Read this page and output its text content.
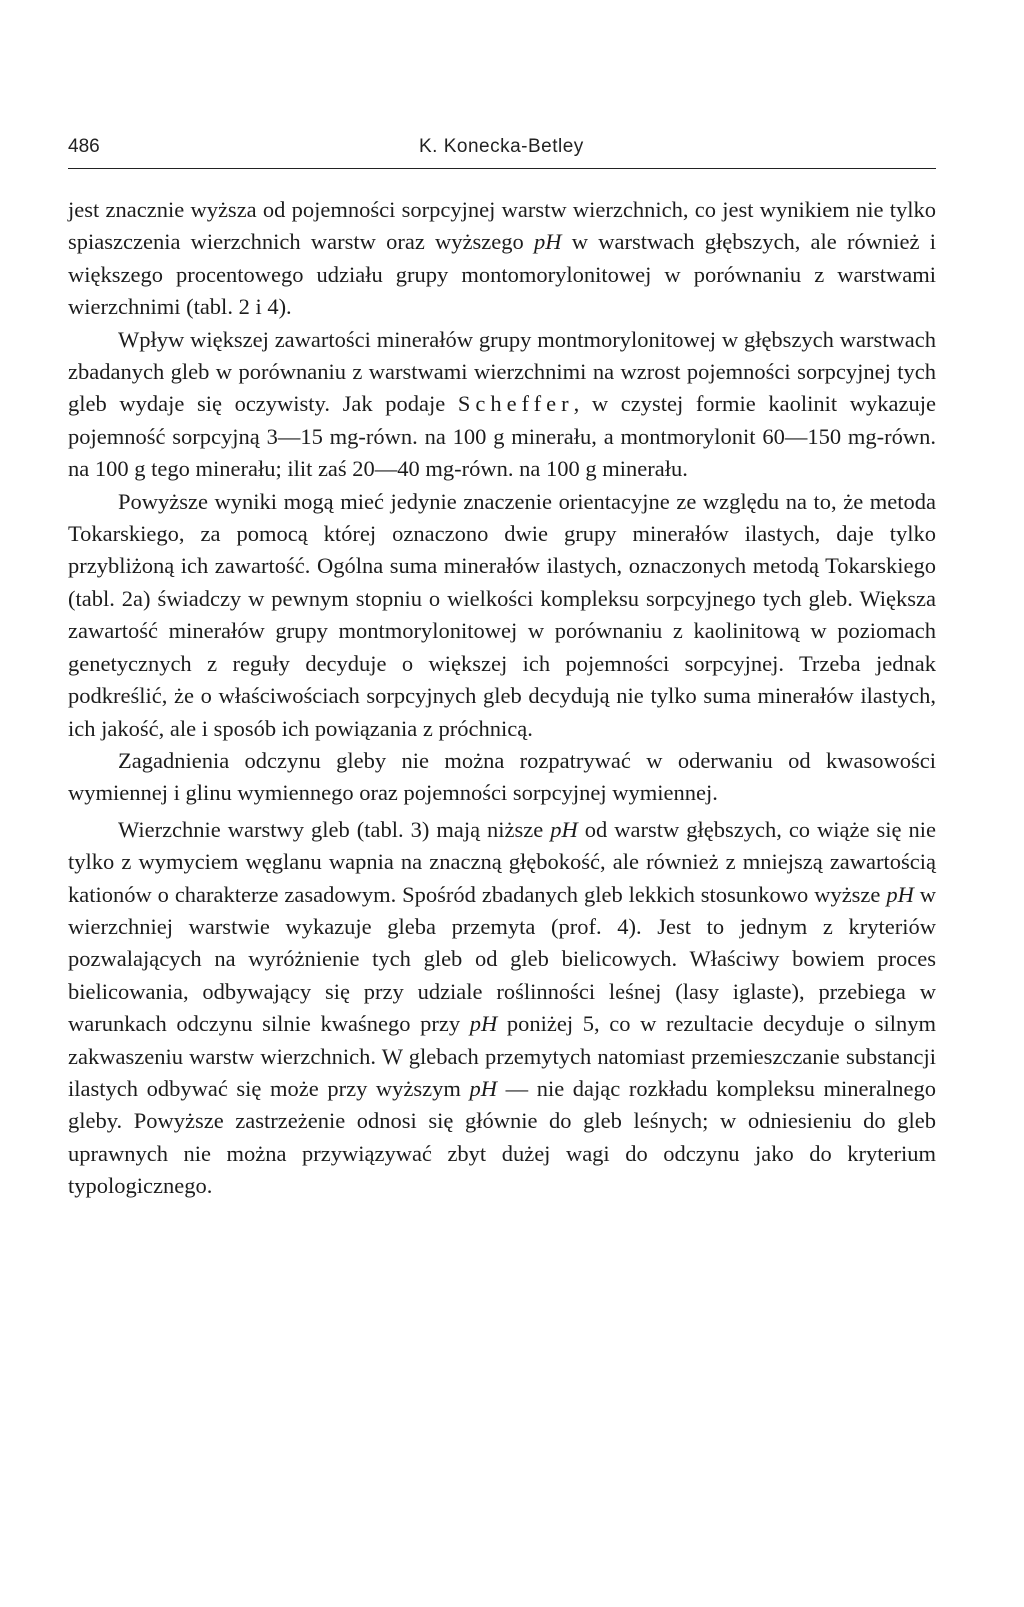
486	K. Konecka-Betley

jest znacznie wyższa od pojemności sorpcyjnej warstw wierzchnich, co jest wynikiem nie tylko spiaszczenia wierzchnich warstw oraz wyższego pH w warstwach głębszych, ale również i większego procentowego udziału grupy montomorylonitowej w porównaniu z warstwami wierzchnimi (tabl. 2 i 4).

Wpływ większej zawartości minerałów grupy montmorylonitowej w głębszych warstwach zbadanych gleb w porównaniu z warstwami wierzchnimi na wzrost pojemności sorpcyjnej tych gleb wydaje się oczywisty. Jak podaje Scheffer, w czystej formie kaolinit wykazuje pojemność sorpcyjną 3—15 mg-równ. na 100 g minerału, a montmorylonit 60—150 mg-równ. na 100 g tego minerału; ilit zaś 20—40 mg-równ. na 100 g minerału.

Powyższe wyniki mogą mieć jedynie znaczenie orientacyjne ze względu na to, że metoda Tokarskiego, za pomocą której oznaczono dwie grupy minerałów ilastych, daje tylko przybliżoną ich zawartość. Ogólna suma minerałów ilastych, oznaczonych metodą Tokarskiego (tabl. 2a) świadczy w pewnym stopniu o wielkości kompleksu sorpcyjnego tych gleb. Większa zawartość minerałów grupy montmorylonitowej w porównaniu z kaolinitową w poziomach genetycznych z reguły decyduje o większej ich pojemności sorpcyjnej. Trzeba jednak podkreślić, że o właściwościach sorpcyjnych gleb decydują nie tylko suma minerałów ilastych, ich jakość, ale i sposób ich powiązania z próchnicą.

Zagadnienia odczynu gleby nie można rozpatrywać w oderwaniu od kwasowości wymiennej i glinu wymiennego oraz pojemności sorpcyjnej wymiennej.

Wierzchnie warstwy gleb (tabl. 3) mają niższe pH od warstw głębszych, co wiąże się nie tylko z wymyciem węglanu wapnia na znaczną głębokość, ale również z mniejszą zawartością kationów o charakterze zasadowym. Spośród zbadanych gleb lekkich stosunkowo wyższe pH w wierzchniej warstwie wykazuje gleba przemyta (prof. 4). Jest to jednym z kryteriów pozwalających na wyróżnienie tych gleb od gleb bielicowych. Właściwy bowiem proces bielicowania, odbywający się przy udziale roślinności leśnej (lasy iglaste), przebiega w warunkach odczynu silnie kwaśnego przy pH poniżej 5, co w rezultacie decyduje o silnym zakwaszeniu warstw wierzchnich. W glebach przemytych natomiast przemieszczanie substancji ilastych odbywać się może przy wyższym pH — nie dając rozkładu kompleksu mineralnego gleby. Powyższe zastrzeżenie odnosi się głównie do gleb leśnych; w odniesieniu do gleb uprawnych nie można przywiązywać zbyt dużej wagi do odczynu jako do kryterium typologicznego.
